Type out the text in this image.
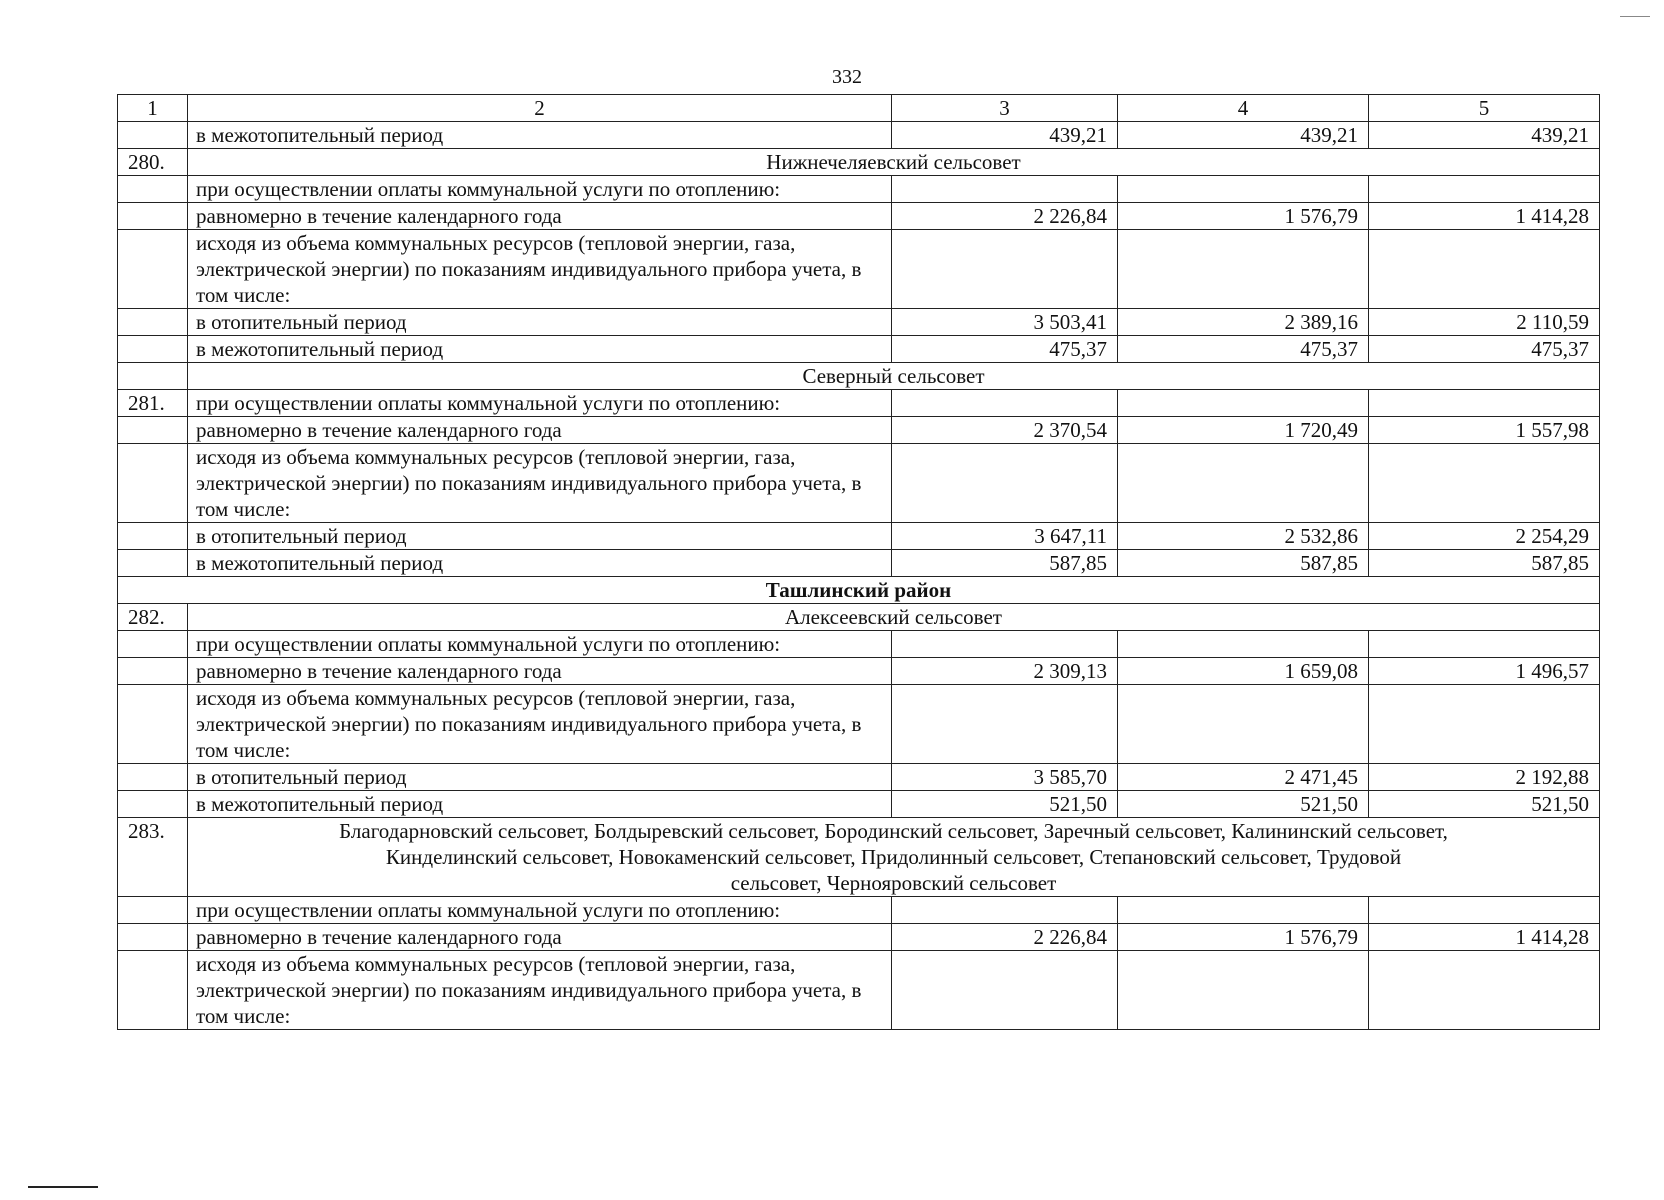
332
1	2	3	4	5
	в межотопительный период	439,21	439,21	439,21
280.	Нижнечеляевский сельсовет			
	при осуществлении оплаты коммунальной услуги по отоплению:			
	равномерно в течение календарного года	2 226,84	1 576,79	1 414,28
	исходя из объема коммунальных ресурсов (тепловой энергии, газа, электрической энергии) по показаниям индивидуального прибора учета, в том числе:			
	в отопительный период	3 503,41	2 389,16	2 110,59
	в межотопительный период	475,37	475,37	475,37
	Северный сельсовет			
281.	при осуществлении оплаты коммунальной услуги по отоплению:			
	равномерно в течение календарного года	2 370,54	1 720,49	1 557,98
	исходя из объема коммунальных ресурсов (тепловой энергии, газа, электрической энергии) по показаниям индивидуального прибора учета, в том числе:			
	в отопительный период	3 647,11	2 532,86	2 254,29
	в межотопительный период	587,85	587,85	587,85
Ташлинский район				
282.	Алексеевский сельсовет			
	при осуществлении оплаты коммунальной услуги по отоплению:			
	равномерно в течение календарного года	2 309,13	1 659,08	1 496,57
	исходя из объема коммунальных ресурсов (тепловой энергии, газа, электрической энергии) по показаниям индивидуального прибора учета, в том числе:			
	в отопительный период	3 585,70	2 471,45	2 192,88
	в межотопительный период	521,50	521,50	521,50
283.	Благодарновский сельсовет, Болдыревский сельсовет, Бородинский сельсовет, Заречный сельсовет, Калининский сельсовет, Кинделинский сельсовет, Новокаменский сельсовет, Придолинный сельсовет, Степановский сельсовет, Трудовой сельсовет, Чернояровский сельсовет			
	при осуществлении оплаты коммунальной услуги по отоплению:			
	равномерно в течение календарного года	2 226,84	1 576,79	1 414,28
	исходя из объема коммунальных ресурсов (тепловой энергии, газа, электрической энергии) по показаниям индивидуального прибора учета, в том числе:			
